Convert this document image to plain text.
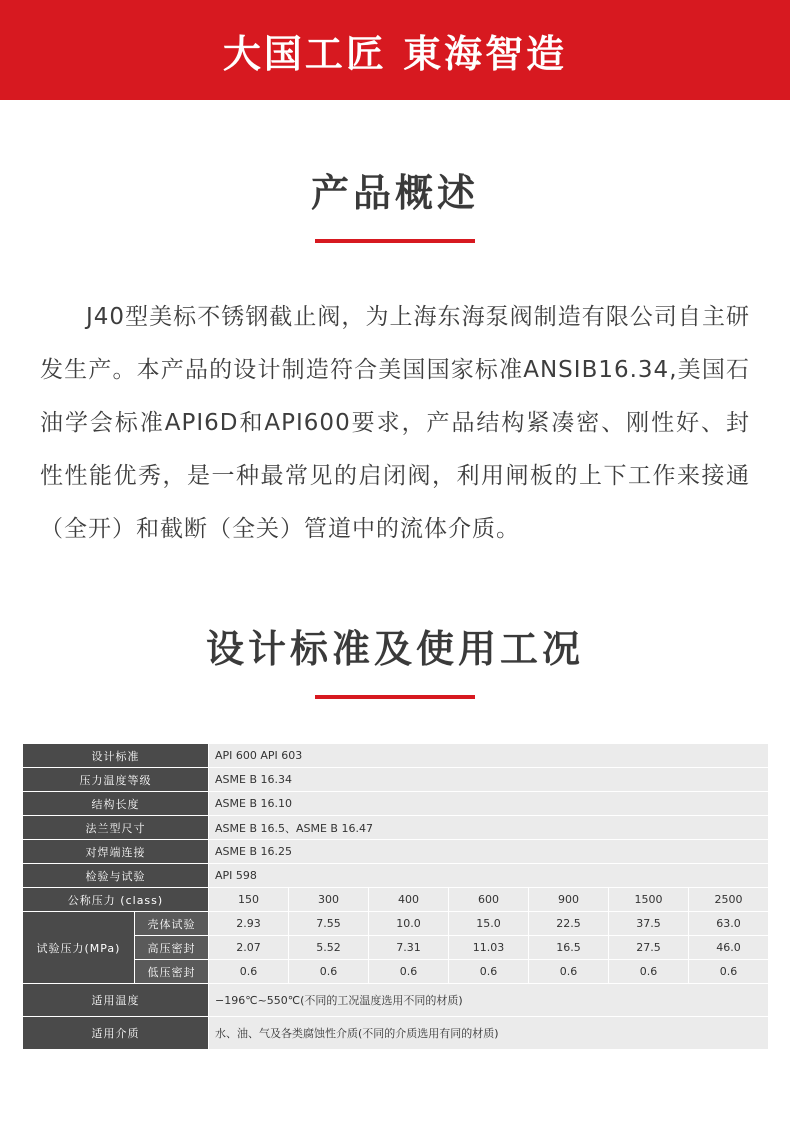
大国工匠 東海智造
产品概述

J40型美标不锈钢截止阀，为上海东海泵阀制造有限公司自主研发生产。本产品的设计制造符合美国国家标准ANSIB16.34,美国石油学会标准API6D和API600要求，产品结构紧凑密、刚性好、封性性能优秀，是一种最常见的启闭阀，利用闸板的上下工作来接通（全开）和截断（全关）管道中的流体介质。

设计标准及使用工况
设计标准		API 600 API 603						
压力温度等级		ASME B 16.34						
结构长度		ASME B 16.10						
法兰型尺寸		ASME B 16.5、ASME B 16.47						
对焊端连接		ASME B 16.25						
检验与试验		API 598						
公称压力 (class)		150	300	400	600	900	1500	2500
试验压力(MPa)	壳体试验	2.93	7.55	10.0	15.0	22.5	37.5	63.0
	高压密封	2.07	5.52	7.31	11.03	16.5	27.5	46.0
	低压密封	0.6	0.6	0.6	0.6	0.6	0.6	0.6
适用温度		−196℃~550℃(不同的工况温度选用不同的材质)						
适用介质		水、油、气及各类腐蚀性介质(不同的介质选用有同的材质)						
